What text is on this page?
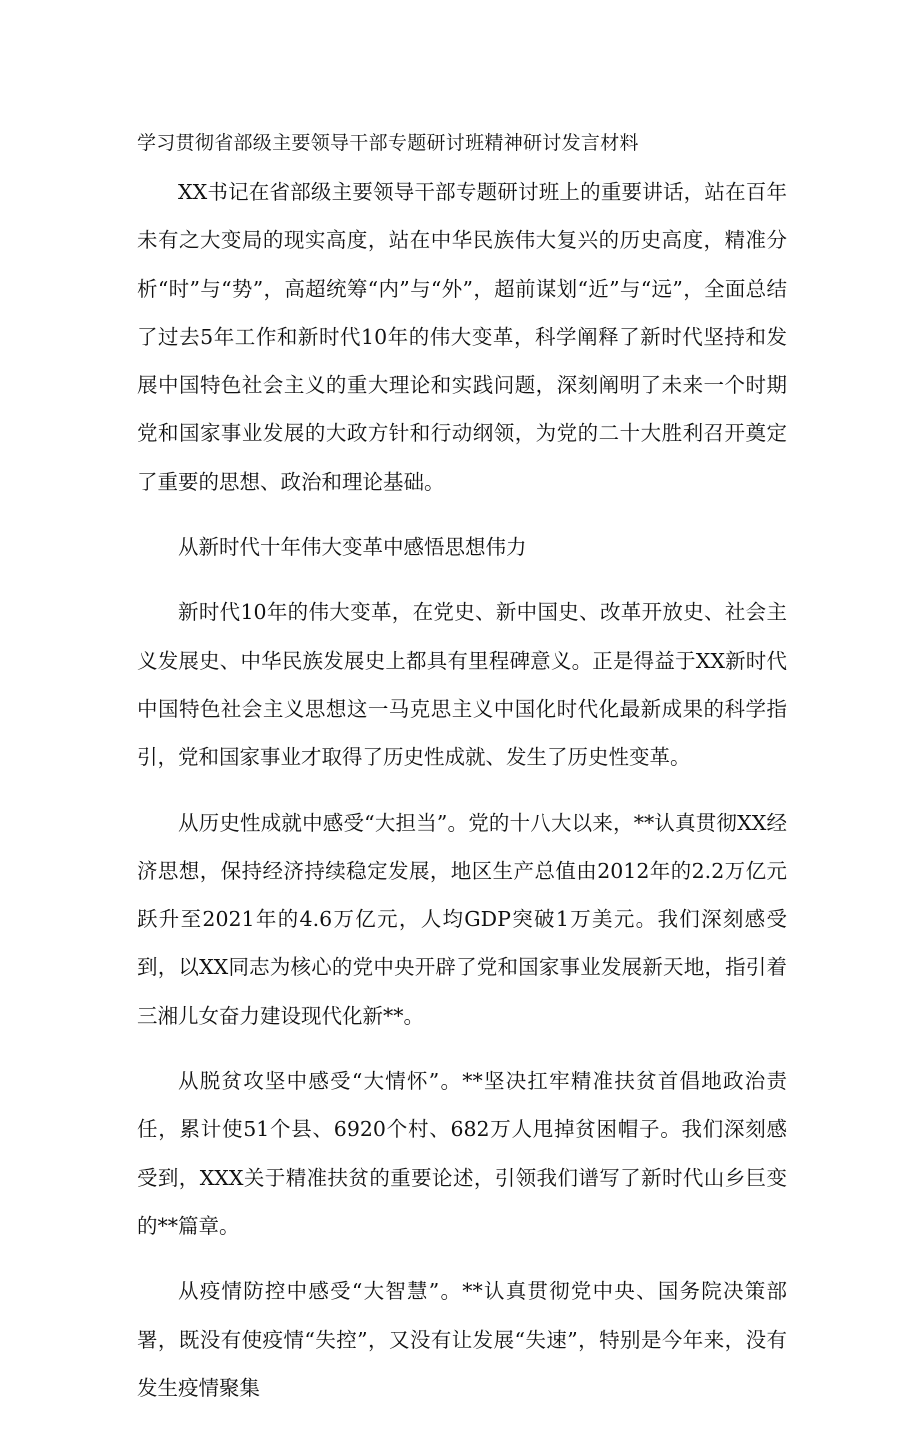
学习贯彻省部级主要领导干部专题研讨班精神研讨发言材料

XX书记在省部级主要领导干部专题研讨班上的重要讲话，站在百年未有之大变局的现实高度，站在中华民族伟大复兴的历史高度，精准分析“时”与“势”，高超统筹“内”与“外”，超前谋划“近”与“远”，全面总结了过去5年工作和新时代10年的伟大变革，科学阐释了新时代坚持和发展中国特色社会主义的重大理论和实践问题，深刻阐明了未来一个时期党和国家事业发展的大政方针和行动纲领，为党的二十大胜利召开奠定了重要的思想、政治和理论基础。

从新时代十年伟大变革中感悟思想伟力

新时代10年的伟大变革，在党史、新中国史、改革开放史、社会主义发展史、中华民族发展史上都具有里程碑意义。正是得益于XX新时代中国特色社会主义思想这一马克思主义中国化时代化最新成果的科学指引，党和国家事业才取得了历史性成就、发生了历史性变革。

从历史性成就中感受“大担当”。党的十八大以来，**认真贯彻XX经济思想，保持经济持续稳定发展，地区生产总值由2012年的2.2万亿元跃升至2021年的4.6万亿元，人均GDP突破1万美元。我们深刻感受到，以XX同志为核心的党中央开辟了党和国家事业发展新天地，指引着三湘儿女奋力建设现代化新**。

从脱贫攻坚中感受“大情怀”。**坚决扛牢精准扶贫首倡地政治责任，累计使51个县、6920个村、682万人甩掉贫困帽子。我们深刻感受到，XXX关于精准扶贫的重要论述，引领我们谱写了新时代山乡巨变的**篇章。

从疫情防控中感受“大智慧”。**认真贯彻党中央、国务院决策部署，既没有使疫情“失控”，又没有让发展“失速”，特别是今年来，没有发生疫情聚集
